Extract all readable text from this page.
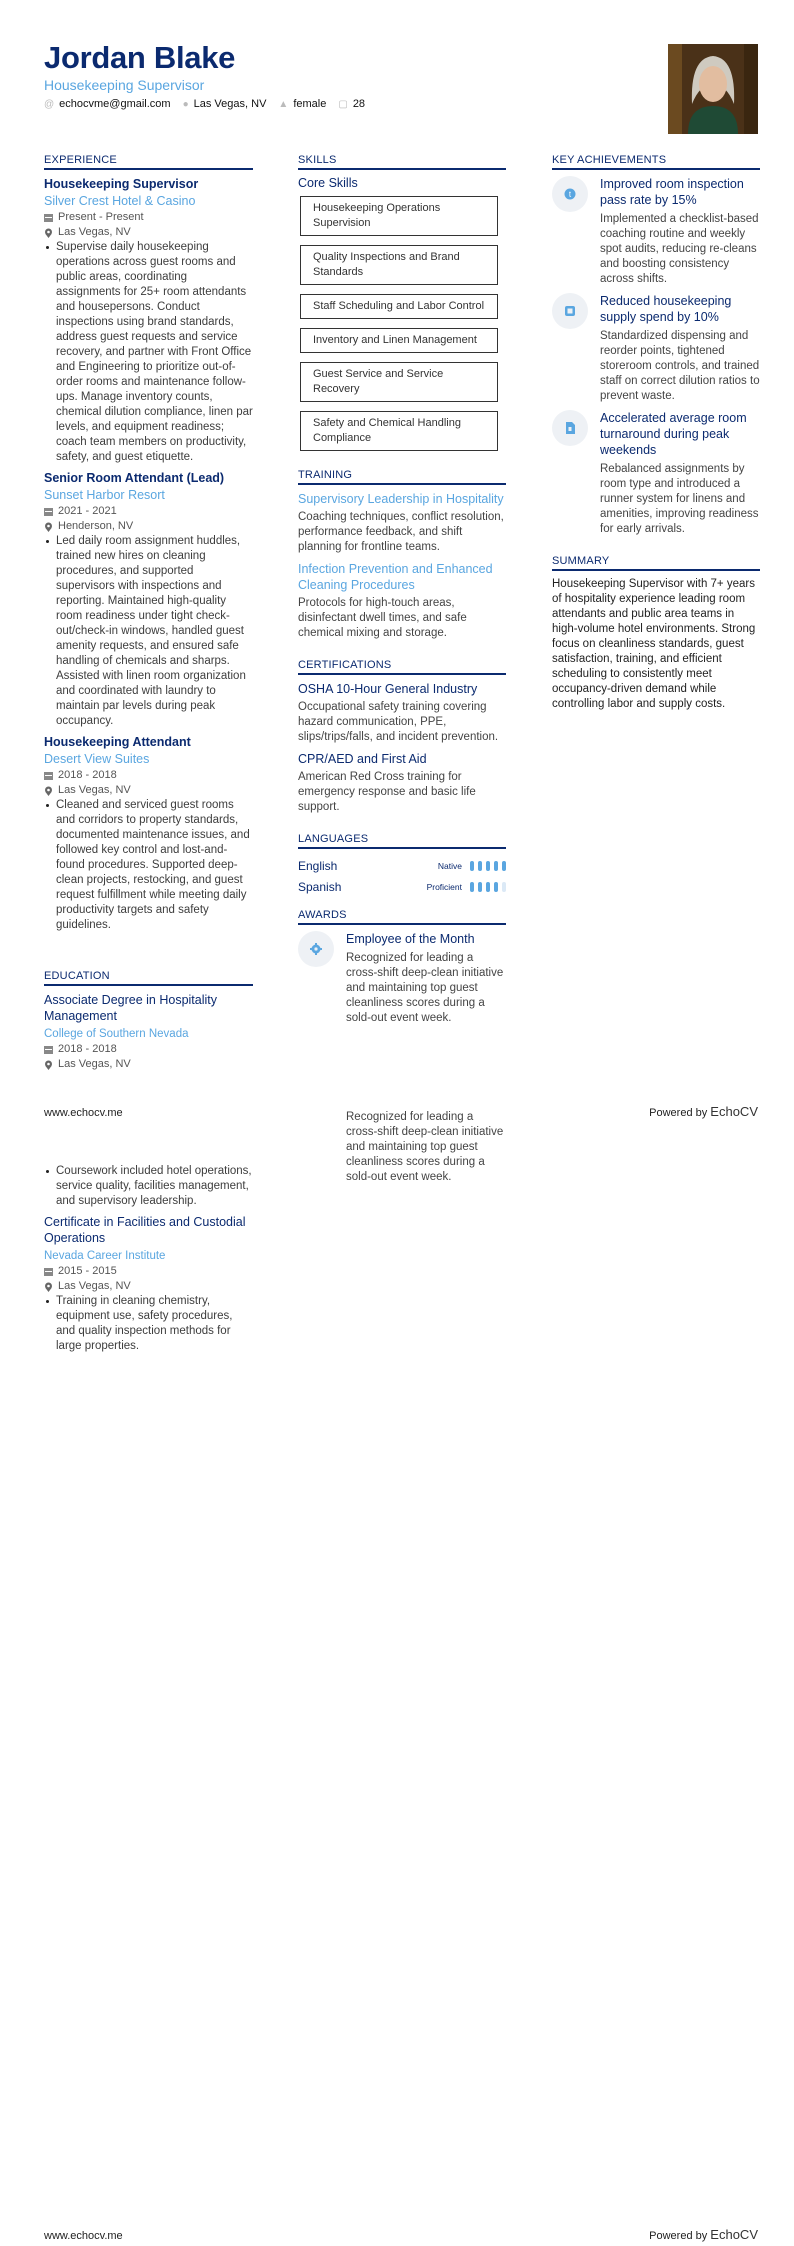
Jordan Blake
Housekeeping Supervisor
@ echocvme@gmail.com ● Las Vegas, NV ▲ female ▢ 28
EXPERIENCE
Housekeeping Supervisor
Silver Crest Hotel & Casino
Present - Present
Las Vegas, NV
Supervise daily housekeeping operations across guest rooms and public areas, coordinating assignments for 25+ room attendants and housepersons. Conduct inspections using brand standards, address guest requests and service recovery, and partner with Front Office and Engineering to prioritize out-of-order rooms and maintenance follow-ups. Manage inventory counts, chemical dilution compliance, linen par levels, and equipment readiness; coach team members on productivity, safety, and guest etiquette.
Senior Room Attendant (Lead)
Sunset Harbor Resort
2021 - 2021
Henderson, NV
Led daily room assignment huddles, trained new hires on cleaning procedures, and supported supervisors with inspections and reporting. Maintained high-quality room readiness under tight check-out/check-in windows, handled guest amenity requests, and ensured safe handling of chemicals and sharps. Assisted with linen room organization and coordinated with laundry to maintain par levels during peak occupancy.
Housekeeping Attendant
Desert View Suites
2018 - 2018
Las Vegas, NV
Cleaned and serviced guest rooms and corridors to property standards, documented maintenance issues, and followed key control and lost-and-found procedures. Supported deep-clean projects, restocking, and guest request fulfillment while meeting daily productivity targets and safety guidelines.
EDUCATION
Associate Degree in Hospitality Management
College of Southern Nevada
2018 - 2018
Las Vegas, NV
SKILLS
Core Skills
Housekeeping Operations Supervision
Quality Inspections and Brand Standards
Staff Scheduling and Labor Control
Inventory and Linen Management
Guest Service and Service Recovery
Safety and Chemical Handling Compliance
TRAINING
Supervisory Leadership in Hospitality
Coaching techniques, conflict resolution, performance feedback, and shift planning for frontline teams.
Infection Prevention and Enhanced Cleaning Procedures
Protocols for high-touch areas, disinfectant dwell times, and safe chemical mixing and storage.
CERTIFICATIONS
OSHA 10-Hour General Industry
Occupational safety training covering hazard communication, PPE, slips/trips/falls, and incident prevention.
CPR/AED and First Aid
American Red Cross training for emergency response and basic life support.
LANGUAGES
English	Native
Spanish	Proficient
AWARDS
Employee of the Month
Recognized for leading a cross-shift deep-clean initiative and maintaining top guest cleanliness scores during a sold-out event week.
KEY ACHIEVEMENTS
t
Improved room inspection pass rate by 15%
Implemented a checklist-based coaching routine and weekly spot audits, reducing re-cleans and boosting consistency across shifts.
Reduced housekeeping supply spend by 10%
Standardized dispensing and reorder points, tightened storeroom controls, and trained staff on correct dilution ratios to prevent waste.
Accelerated average room turnaround during peak weekends
Rebalanced assignments by room type and introduced a runner system for linens and amenities, improving readiness for early arrivals.
SUMMARY
Housekeeping Supervisor with 7+ years of hospitality experience leading room attendants and public area teams in high-volume hotel environments. Strong focus on cleanliness standards, guest satisfaction, training, and efficient scheduling to consistently meet occupancy-driven demand while controlling labor and supply costs.
www.echocv.me	Powered by EchoCV
Coursework included hotel operations, service quality, facilities management, and supervisory leadership.
Certificate in Facilities and Custodial Operations
Nevada Career Institute
2015 - 2015
Las Vegas, NV
Training in cleaning chemistry, equipment use, safety procedures, and quality inspection methods for large properties.
Recognized for leading a cross-shift deep-clean initiative and maintaining top guest cleanliness scores during a sold-out event week.
www.echocv.me	Powered by EchoCV
